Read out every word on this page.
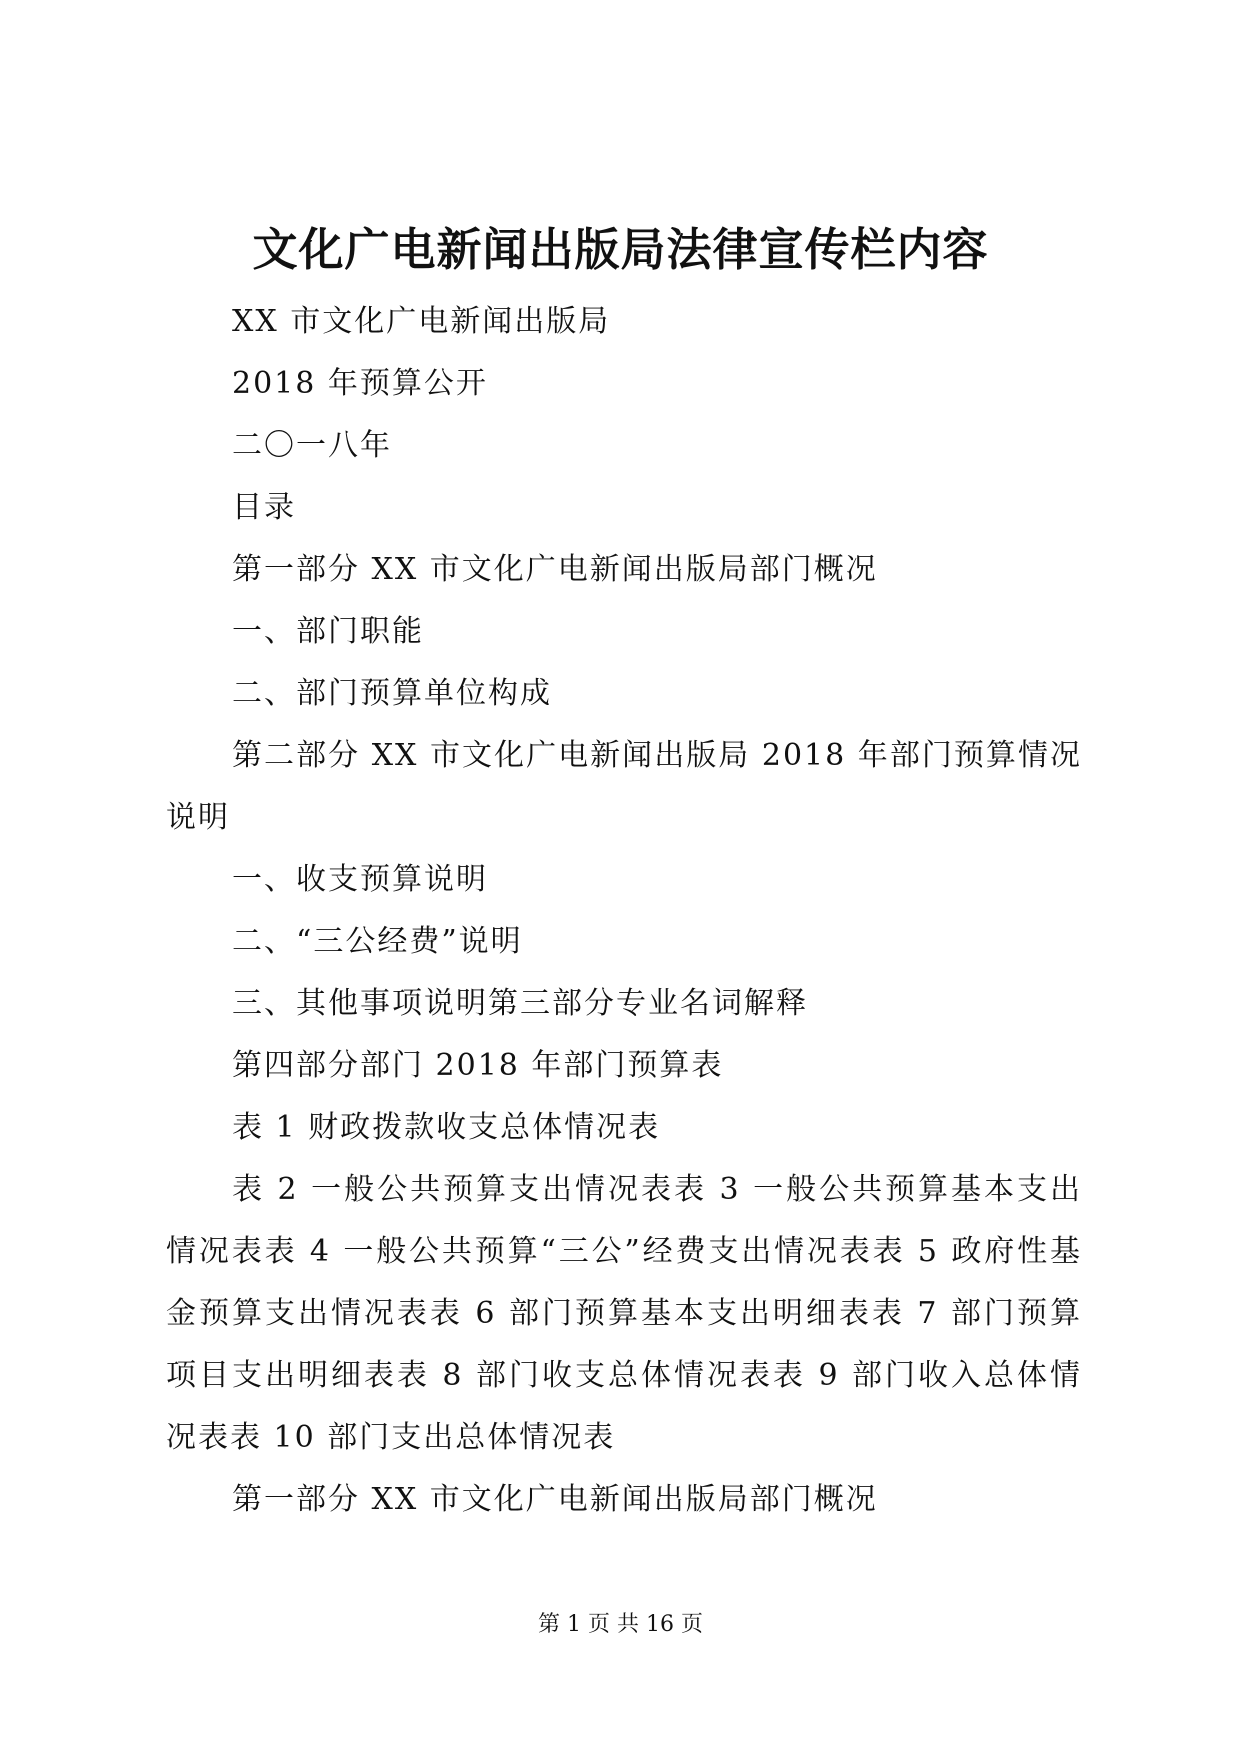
文化广电新闻出版局法律宣传栏内容

XX 市文化广电新闻出版局

2018 年预算公开

二〇一八年

目录

第一部分 XX 市文化广电新闻出版局部门概况

一、部门职能

二、部门预算单位构成

第二部分 XX 市文化广电新闻出版局 2018 年部门预算情况说明

一、收支预算说明

二、“三公经费”说明

三、其他事项说明第三部分专业名词解释

第四部分部门 2018 年部门预算表

表 1 财政拨款收支总体情况表

表 2 一般公共预算支出情况表表 3 一般公共预算基本支出情况表表 4 一般公共预算“三公”经费支出情况表表 5 政府性基金预算支出情况表表 6 部门预算基本支出明细表表 7 部门预算项目支出明细表表 8 部门收支总体情况表表 9 部门收入总体情况表表 10 部门支出总体情况表

第一部分 XX 市文化广电新闻出版局部门概况

第 1 页 共 16 页
